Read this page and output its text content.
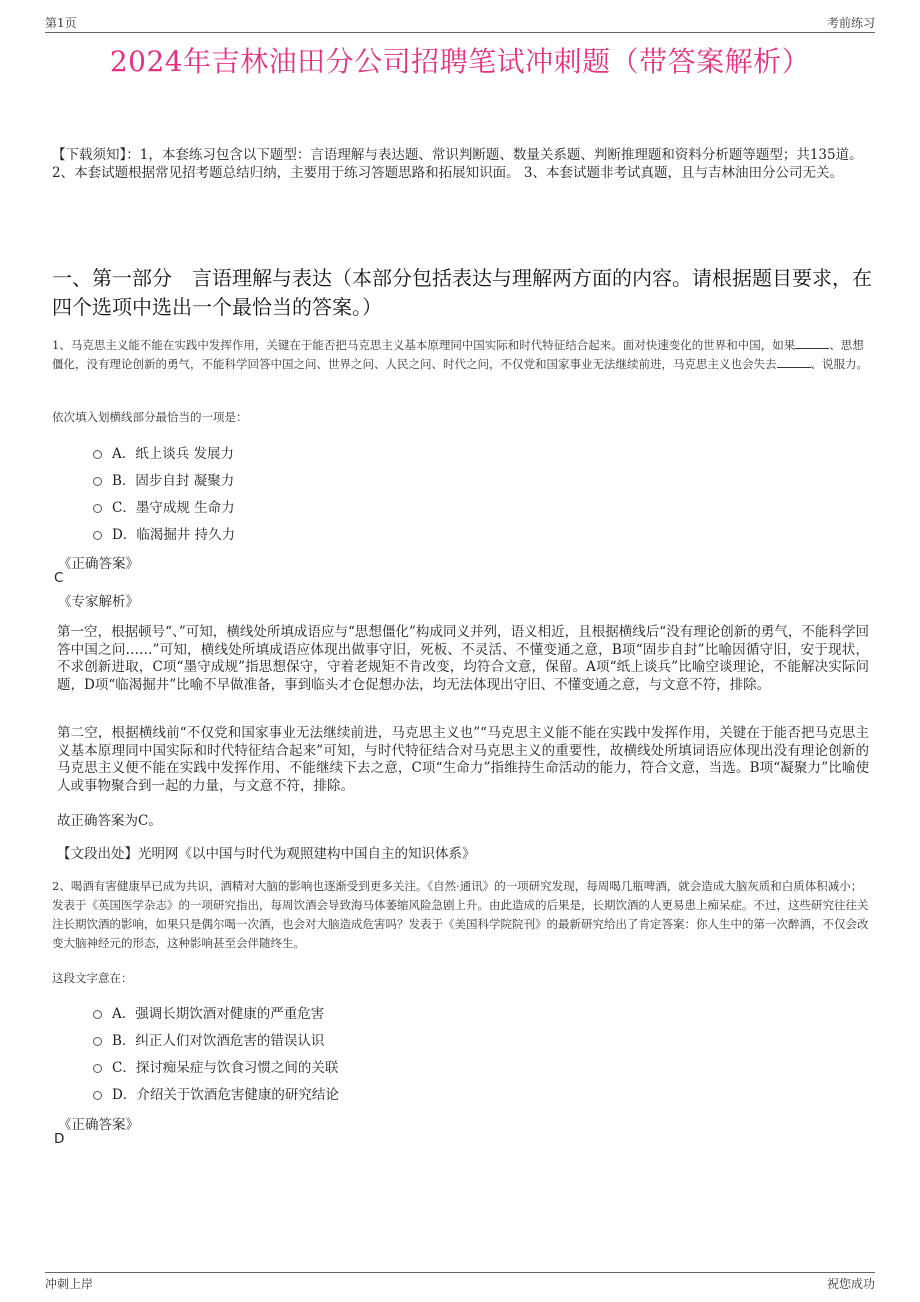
第1页	考前练习
2024年吉林油田分公司招聘笔试冲刺题（带答案解析）
【下载须知】：1，本套练习包含以下题型：言语理解与表达题、常识判断题、数量关系题、判断推理题和资料分析题等题型；共135道。 2、本套试题根据常见招考题总结归纳，主要用于练习答题思路和拓展知识面。 3、本套试题非考试真题，且与吉林油田分公司无关。
一、第一部分　言语理解与表达（本部分包括表达与理解两方面的内容。请根据题目要求，在四个选项中选出一个最恰当的答案。）
1、马克思主义能不能在实践中发挥作用，关键在于能否把马克思主义基本原理同中国实际和时代特征结合起来。面对快速变化的世界和中国，如果	、思想僵化，没有理论创新的勇气，不能科学回答中国之问、世界之问、人民之问、时代之问，不仅党和国家事业无法继续前进，马克思主义也会失去	、说服力。
依次填入划横线部分最恰当的一项是：
A．纸上谈兵 发展力
B．固步自封 凝聚力
C．墨守成规 生命力
D．临渴掘井 持久力
《正确答案》
C
《专家解析》
第一空，根据顿号“、”可知，横线处所填成语应与“思想僵化”构成同义并列，语义相近，且根据横线后“没有理论创新的勇气，不能科学回答中国之问……”可知，横线处所填成语应体现出做事守旧，死板、不灵活、不懂变通之意，B项“固步自封”比喻因循守旧，安于现状，不求创新进取，C项“墨守成规”指思想保守，守着老规矩不肯改变，均符合文意，保留。A项“纸上谈兵”比喻空谈理论，不能解决实际问题，D项“临渴掘井”比喻不早做准备，事到临头才仓促想办法，均无法体现出守旧、不懂变通之意，与文意不符，排除。
第二空，根据横线前“不仅党和国家事业无法继续前进，马克思主义也”“马克思主义能不能在实践中发挥作用，关键在于能否把马克思主义基本原理同中国实际和时代特征结合起来”可知，与时代特征结合对马克思主义的重要性，故横线处所填词语应体现出没有理论创新的马克思主义便不能在实践中发挥作用、不能继续下去之意，C项“生命力”指维持生命活动的能力，符合文意，当选。B项“凝聚力”比喻使人或事物聚合到一起的力量，与文意不符，排除。
故正确答案为C。
【文段出处】光明网《以中国与时代为观照建构中国自主的知识体系》
2、喝酒有害健康早已成为共识，酒精对大脑的影响也逐渐受到更多关注。《自然·通讯》的一项研究发现，每周喝几瓶啤酒，就会造成大脑灰质和白质体积减小；发表于《英国医学杂志》的一项研究指出，每周饮酒会导致海马体萎缩风险急剧上升。由此造成的后果是，长期饮酒的人更易患上痴呆症。不过，这些研究往往关注长期饮酒的影响，如果只是偶尔喝一次酒，也会对大脑造成危害吗？发表于《美国科学院院刊》的最新研究给出了肯定答案：你人生中的第一次醉酒，不仅会改变大脑神经元的形态，这种影响甚至会伴随终生。
这段文字意在：
A．强调长期饮酒对健康的严重危害
B．纠正人们对饮酒危害的错误认识
C．探讨痴呆症与饮食习惯之间的关联
D．介绍关于饮酒危害健康的研究结论
《正确答案》
D
冲刺上岸	祝您成功
